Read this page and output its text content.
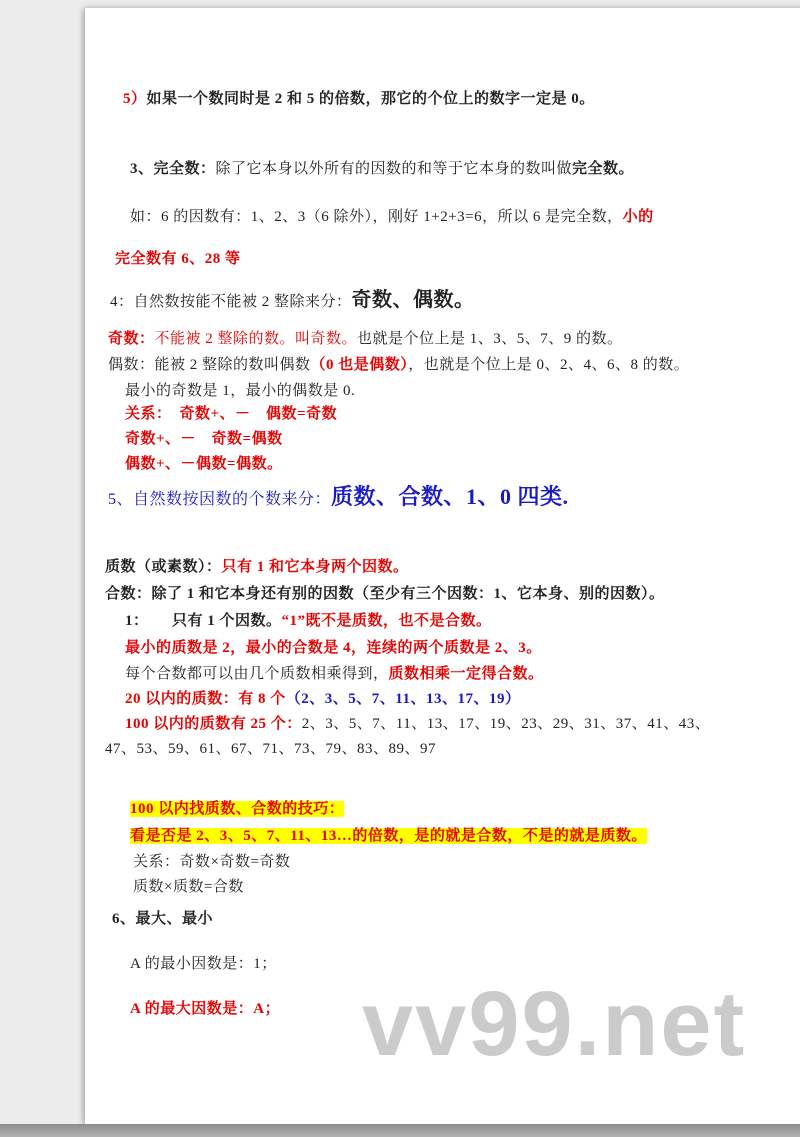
5）如果一个数同时是 2 和 5 的倍数，那它的个位上的数字一定是 0。

3、完全数：除了它本身以外所有的因数的和等于它本身的数叫做完全数。

如：6 的因数有：1、2、3（6 除外），刚好 1+2+3=6，所以 6 是完全数，小的

完全数有 6、28 等

4：自然数按能不能被 2 整除来分：奇数、偶数。

奇数：不能被 2 整除的数。叫奇数。也就是个位上是 1、3、5、7、9 的数。

偶数：能被 2 整除的数叫偶数（0 也是偶数），也就是个位上是 0、2、4、6、8 的数。

最小的奇数是 1，最小的偶数是 0.

关系：　奇数+、－　偶数=奇数

奇数+、－　奇数=偶数

偶数+、－偶数=偶数。

5、自然数按因数的个数来分：质数、合数、1、0 四类.

质数（或素数）：只有 1 和它本身两个因数。

合数：除了 1 和它本身还有别的因数（至少有三个因数：1、它本身、别的因数）。

1：　　只有 1 个因数。“1”既不是质数，也不是合数。

最小的质数是 2，最小的合数是 4，连续的两个质数是 2、3。

每个合数都可以由几个质数相乘得到，质数相乘一定得合数。

20 以内的质数：有 8 个（2、3、5、7、11、13、17、19）

100 以内的质数有 25 个：2、3、5、7、11、13、17、19、23、29、31、37、41、43、

47、53、59、61、67、71、73、79、83、89、97

100 以内找质数、合数的技巧：

看是否是 2、3、5、7、11、13…的倍数，是的就是合数，不是的就是质数。

关系：奇数×奇数=奇数

质数×质数=合数

6、最大、最小

A 的最小因数是：1；

A 的最大因数是：A； vv99.net
